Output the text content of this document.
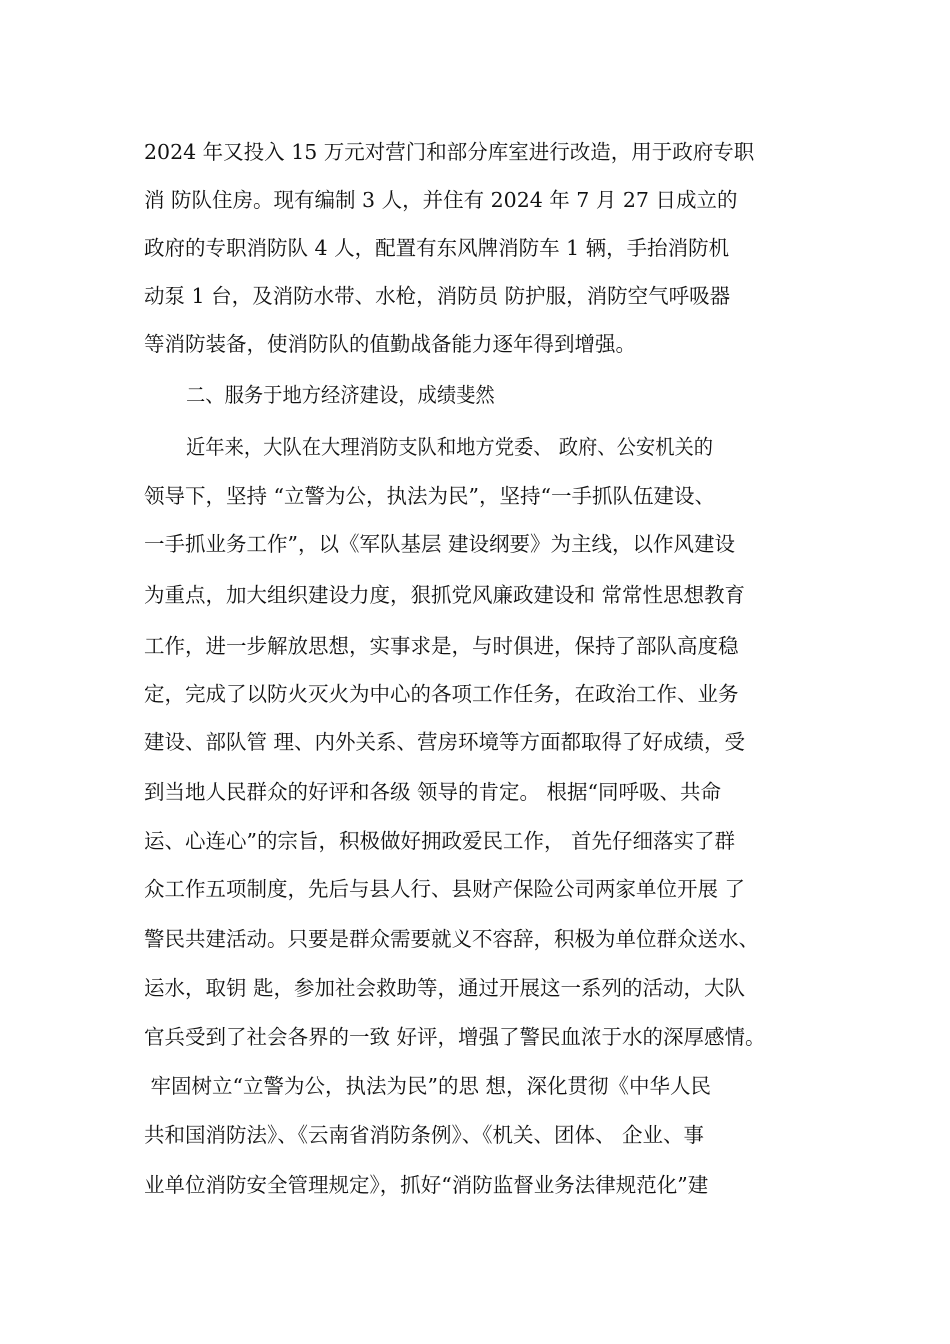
2024 年又投入 15 万元对营门和部分库室进行改造，用于政府专职
消 防队住房。现有编制 3 人，并住有 2024 年 7 月 27 日成立的
政府的专职消防队 4 人，配置有东风牌消防车 1 辆，手抬消防机
动泵 1 台，及消防水带、水枪，消防员 防护服，消防空气呼吸器
等消防装备，使消防队的值勤战备能力逐年得到增强。
二、服务于地方经济建设，成绩斐然
近年来，大队在大理消防支队和地方党委、 政府、公安机关的
领导下，坚持 “立警为公，执法为民”，坚持“一手抓队伍建设、
一手抓业务工作”，以《军队基层 建设纲要》为主线，以作风建设
为重点，加大组织建设力度，狠抓党风廉政建设和 常常性思想教育
工作，进一步解放思想，实事求是，与时俱进，保持了部队高度稳
定，完成了以防火灭火为中心的各项工作任务，在政治工作、业务
建设、部队管 理、内外关系、营房环境等方面都取得了好成绩，受
到当地人民群众的好评和各级 领导的肯定。 根据“同呼吸、共命
运、心连心”的宗旨，积极做好拥政爱民工作， 首先仔细落实了群
众工作五项制度，先后与县人行、县财产保险公司两家单位开展 了
警民共建活动。只要是群众需要就义不容辞，积极为单位群众送水、
运水，取钥 匙，参加社会救助等，通过开展这一系列的活动，大队
官兵受到了社会各界的一致 好评，增强了警民血浓于水的深厚感情。
牢固树立“立警为公，执法为民”的思 想，深化贯彻《中华人民
共和国消防法》、《云南省消防条例》、《机关、团体、 企业、事
业单位消防安全管理规定》，抓好“消防监督业务法律规范化”建
